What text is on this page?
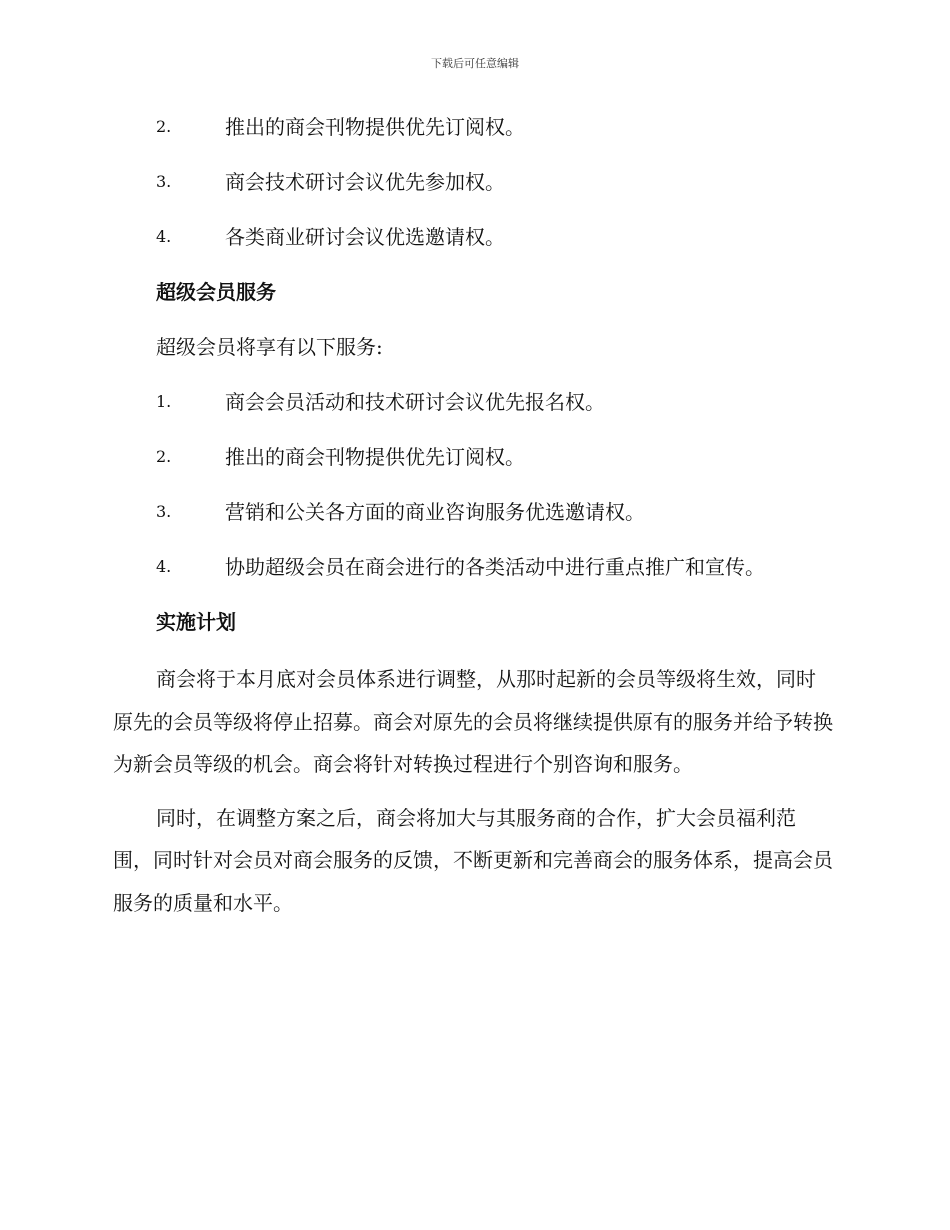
下载后可任意编辑
2.	推出的商会刊物提供优先订阅权。
3.	商会技术研讨会议优先参加权。
4.	各类商业研讨会议优选邀请权。
超级会员服务
超级会员将享有以下服务:
1.	商会会员活动和技术研讨会议优先报名权。
2.	推出的商会刊物提供优先订阅权。
3.	营销和公关各方面的商业咨询服务优选邀请权。
4.	协助超级会员在商会进行的各类活动中进行重点推广和宣传。
实施计划

商会将于本月底对会员体系进行调整，从那时起新的会员等级将生效，同时原先的会员等级将停止招募。商会对原先的会员将继续提供原有的服务并给予转换为新会员等级的机会。商会将针对转换过程进行个别咨询和服务。

同时，在调整方案之后，商会将加大与其服务商的合作，扩大会员福利范围，同时针对会员对商会服务的反馈，不断更新和完善商会的服务体系，提高会员服务的质量和水平。
